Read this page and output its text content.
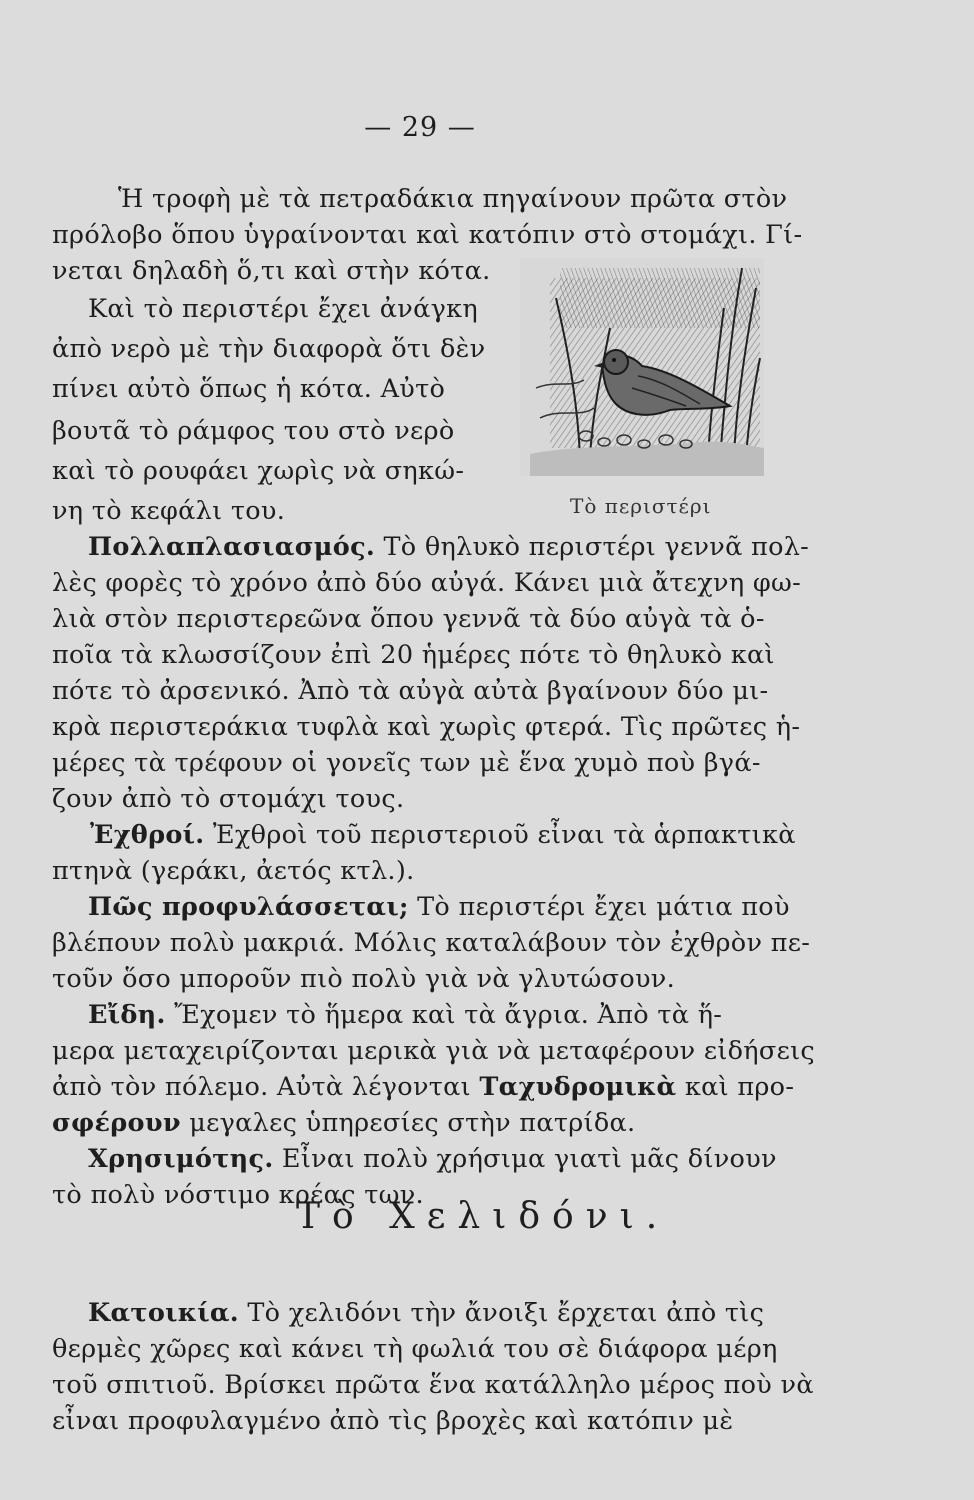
— 29 —
Τὸ περιστέρι
Ἡ τροφὴ μὲ τὰ πετραδάκια πηγαίνουν πρῶτα στὸν
πρόλοβο ὅπου ὑγραίνονται καὶ κατόπιν στὸ στομάχι. Γί-
νεται δηλαδὴ ὅ,τι καὶ στὴν κότα.
Καὶ τὸ περιστέρι ἔχει ἀνάγκη
ἀπὸ νερὸ μὲ τὴν διαφορὰ ὅτι δὲν
πίνει αὐτὸ ὅπως ἡ κότα. Αὐτὸ
βουτᾶ τὸ ράμφος του στὸ νερὸ
καὶ τὸ ρουφάει χωρὶς νὰ σηκώ-
νη τὸ κεφάλι του.
Πολλαπλασιασμός. Τὸ θηλυκὸ περιστέρι γεννᾶ πολ-
λὲς φορὲς τὸ χρόνο ἀπὸ δύο αὐγά. Κάνει μιὰ ἄτεχνη φω-
λιὰ στὸν περιστερεῶνα ὅπου γεννᾶ τὰ δύο αὐγὰ τὰ ὁ-
ποῖα τὰ κλωσσίζουν ἐπὶ 20 ἡμέρες πότε τὸ θηλυκὸ καὶ
πότε τὸ ἀρσενικό. Ἀπὸ τὰ αὐγὰ αὐτὰ βγαίνουν δύο μι-
κρὰ περιστεράκια τυφλὰ καὶ χωρὶς φτερά. Τὶς πρῶτες ἡ-
μέρες τὰ τρέφουν οἱ γονεῖς των μὲ ἕνα χυμὸ ποὺ βγά-
ζουν ἀπὸ τὸ στομάχι τους.
Ἐχθροί. Ἐχθροὶ τοῦ περιστεριοῦ εἶναι τὰ ἁρπακτικὰ
πτηνὰ (γεράκι, ἀετός κτλ.).
Πῶς προφυλάσσεται; Τὸ περιστέρι ἔχει μάτια ποὺ
βλέπουν πολὺ μακριά. Μόλις καταλάβουν τὸν ἐχθρὸν πε-
τοῦν ὅσο μποροῦν πιὸ πολὺ γιὰ νὰ γλυτώσουν.
Εἴδη. Ἔχομεν τὸ ἥμερα καὶ τὰ ἄγρια. Ἀπὸ τὰ ἥ-
μερα μεταχειρίζονται μερικὰ γιὰ νὰ μεταφέρουν εἰδήσεις
ἀπὸ τὸν πόλεμο. Αὐτὰ λέγονται Ταχυδρομικὰ καὶ προ-
σφέρουν μεγαλες ὑπηρεσίες στὴν πατρίδα.
Χρησιμότης. Εἶναι πολὺ χρήσιμα γιατὶ μᾶς δίνουν
τὸ πολὺ νόστιμο κρέας των.
Τὸ Χελιδόνι.
Κατοικία. Τὸ χελιδόνι τὴν ἄνοιξι ἔρχεται ἀπὸ τὶς
θερμὲς χῶρες καὶ κάνει τὴ φωλιά του σὲ διάφορα μέρη
τοῦ σπιτιοῦ. Βρίσκει πρῶτα ἕνα κατάλληλο μέρος ποὺ νὰ
εἶναι προφυλαγμένο ἀπὸ τὶς βροχὲς καὶ κατόπιν μὲ
